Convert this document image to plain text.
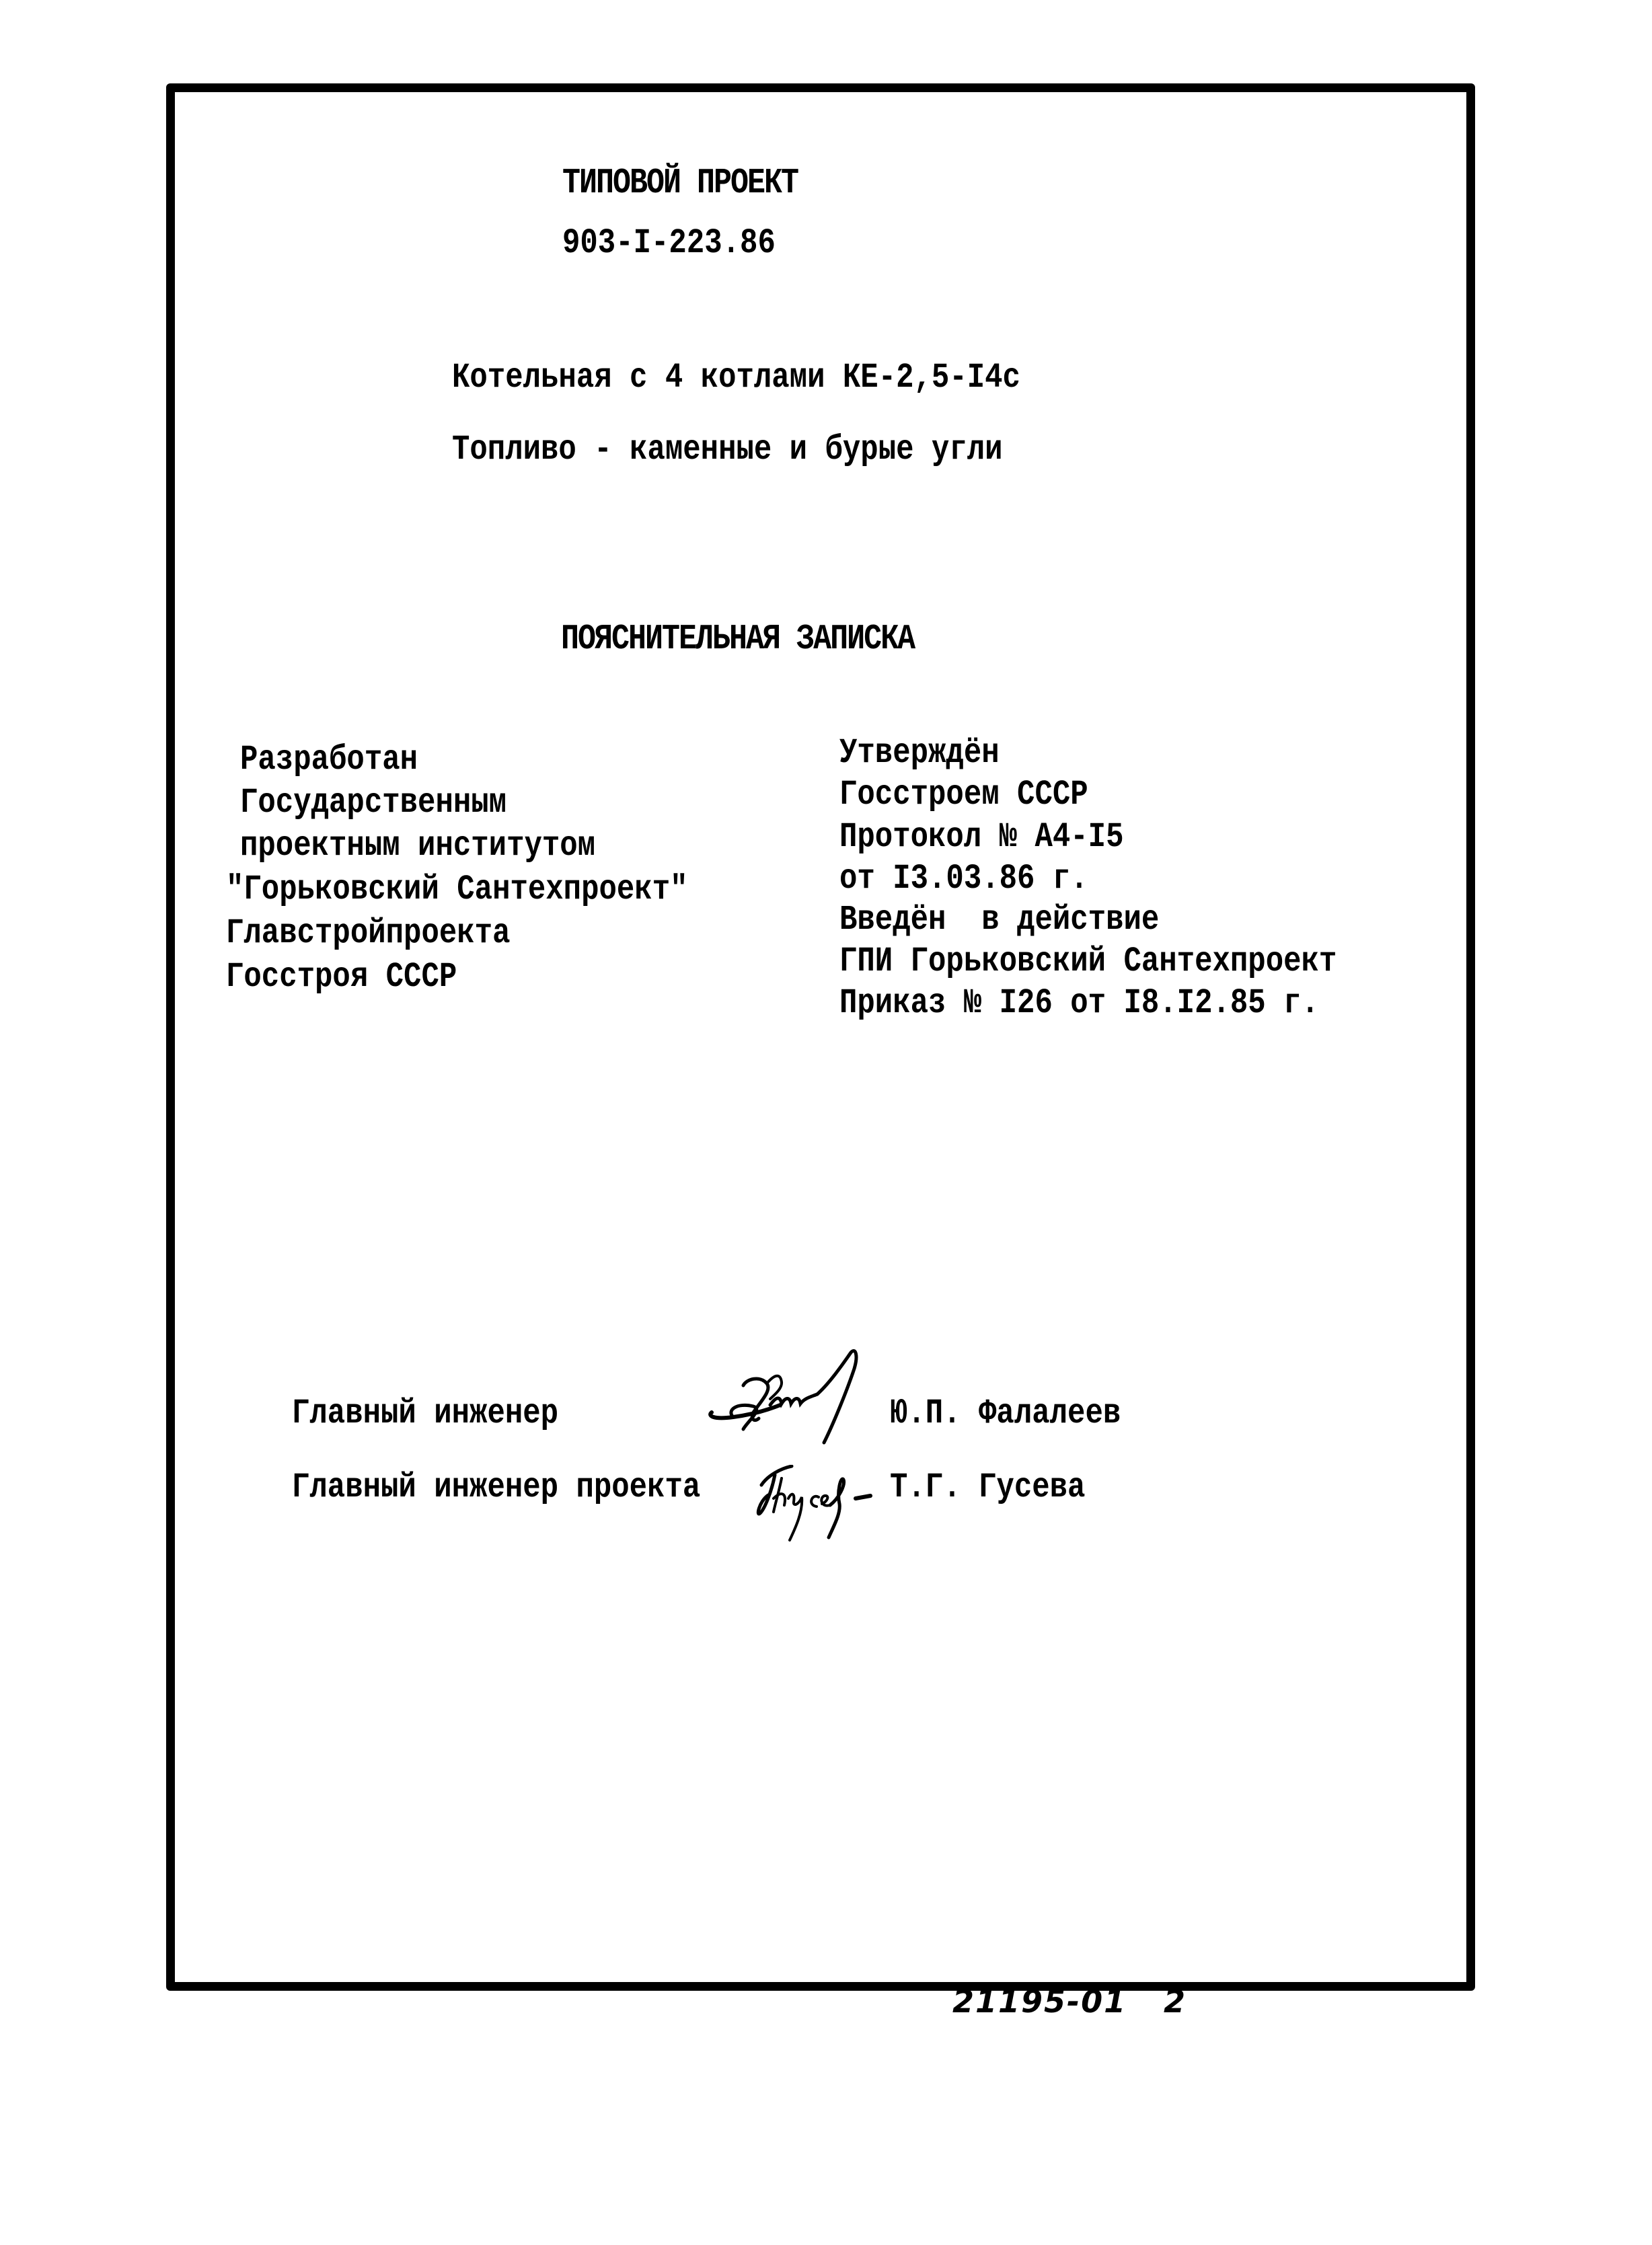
ТИПОВОЙ ПРОЕКТ
903-I-223.86
Котельная с 4 котлами КЕ-2,5-I4с
Топливо - каменные и бурые угли
ПОЯСНИТЕЛЬНАЯ ЗАПИСКА
Разработан
Государственным
проектным институтом
"Горьковский Сантехпроект"
Главстройпроекта
Госстроя СССР
Утверждён
Госстроем СССР
Протокол № А4-I5
от I3.03.86 г.
Введён  в действие
ГПИ Горьковский Сантехпроект
Приказ № I26 от I8.I2.85 г.
Главный инженер	Ю.П. Фалалеев
Главный инженер проекта	Т.Г. Гусева
21195-01 2
